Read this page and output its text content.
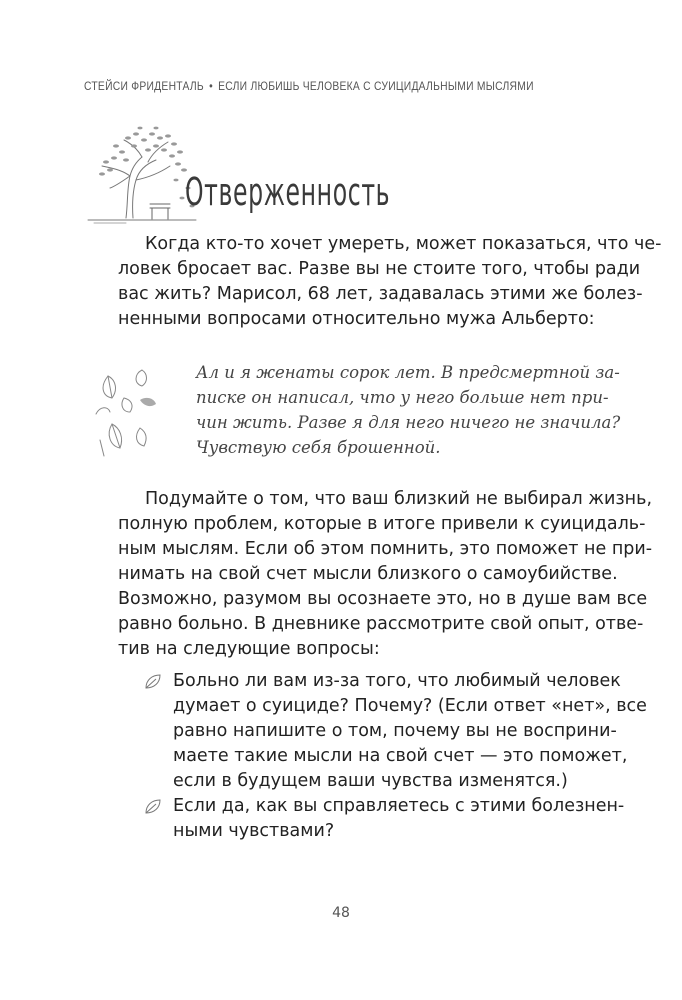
СТЕЙСИ ФРИДЕНТАЛЬ • ЕСЛИ ЛЮБИШЬ ЧЕЛОВЕКА С СУИЦИДАЛЬНЫМИ МЫСЛЯМИ
Отверженность

Когда кто-то хочет умереть, может показаться, что че-
ловек бросает вас. Разве вы не стоите того, чтобы ради
вас жить? Марисол, 68 лет, задавалась этими же болез-
ненными вопросами относительно мужа Альберто:

Ал и я женаты сорок лет. В предсмертной за-
писке он написал, что у него больше нет при-
чин жить. Разве я для него ничего не значила?
Чувствую себя брошенной.

Подумайте о том, что ваш близкий не выбирал жизнь,
полную проблем, которые в итоге привели к суицидаль-
ным мыслям. Если об этом помнить, это поможет не при-
нимать на свой счет мысли близкого о самоубийстве.
Возможно, разумом вы осознаете это, но в душе вам все
равно больно. В дневнике рассмотрите свой опыт, отве-
тив на следующие вопросы:

Больно ли вам из-за того, что любимый человек
думает о суициде? Почему? (Если ответ «нет», все
равно напишите о том, почему вы не восприни-
маете такие мысли на свой счет — это поможет,
если в будущем ваши чувства изменятся.)
Если да, как вы справляетесь с этими болезнен-
ными чувствами?
48
